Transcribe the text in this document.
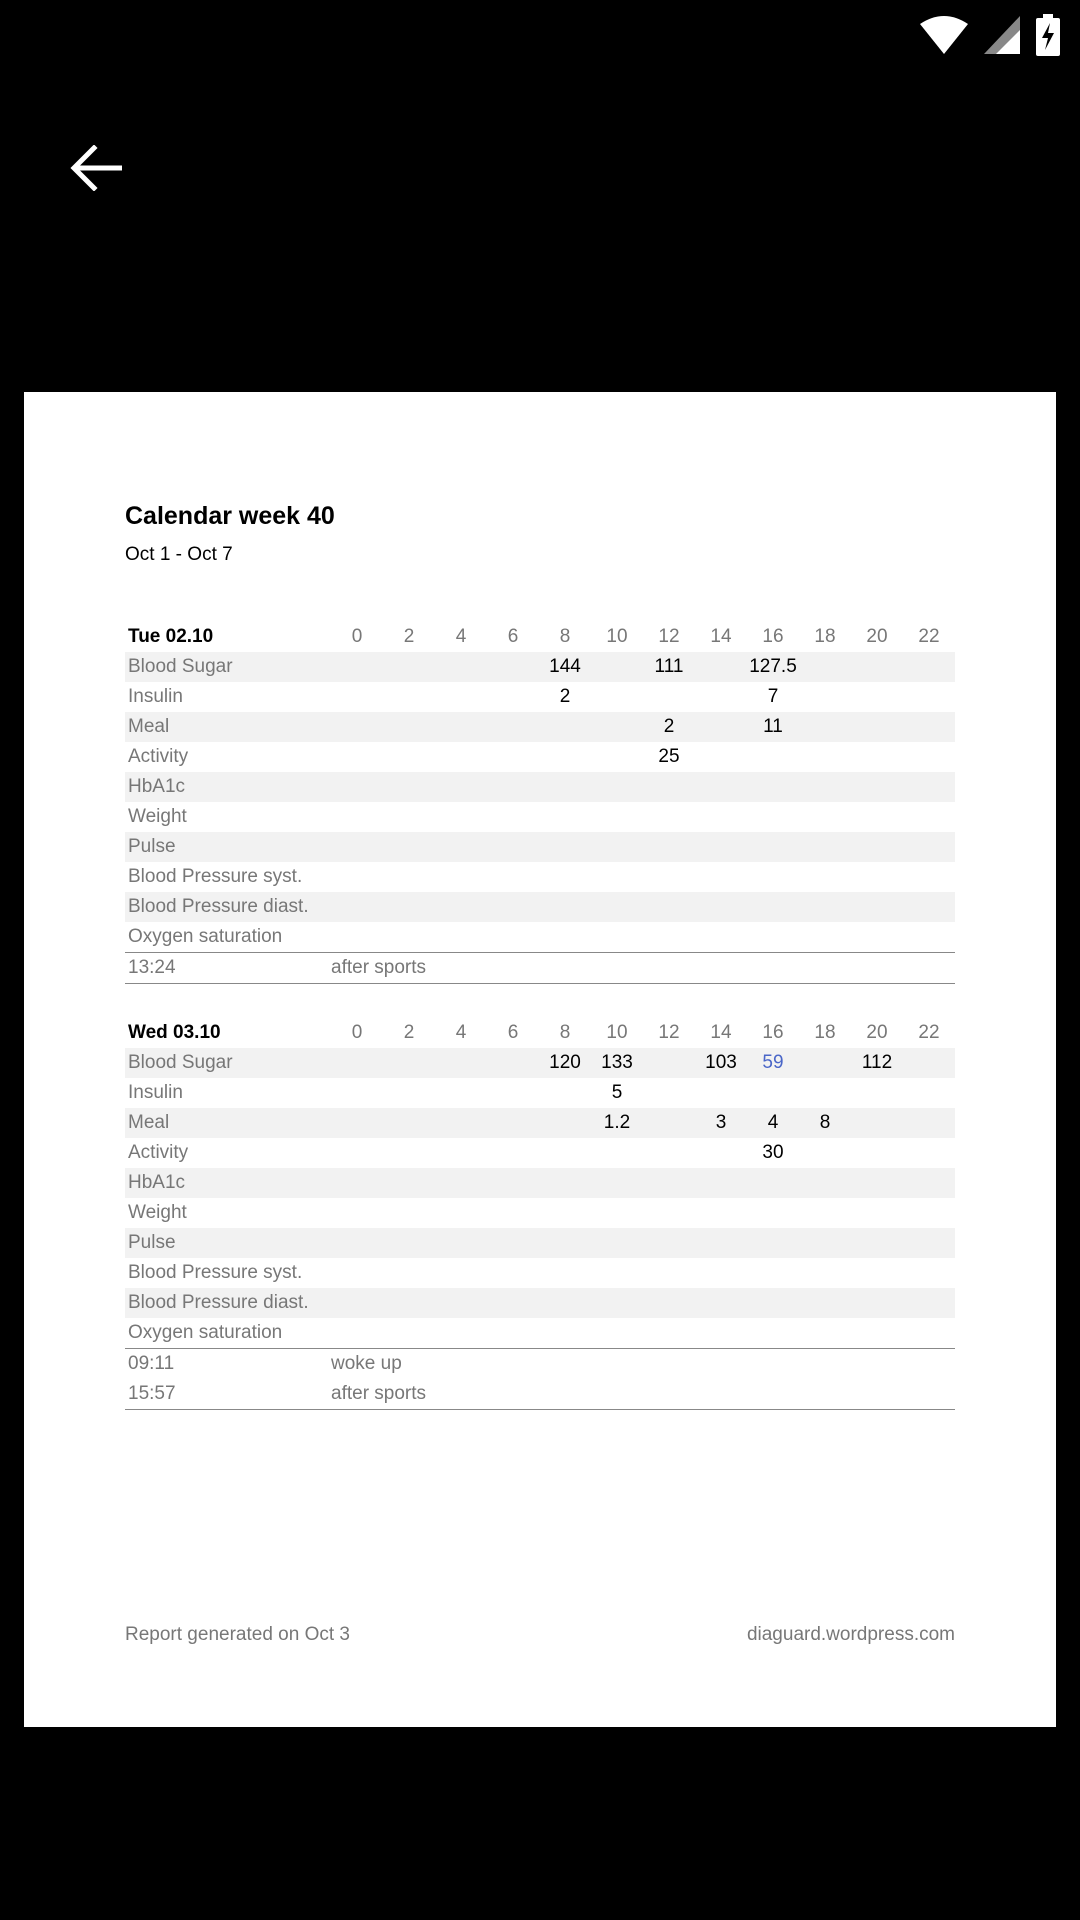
Calendar week 40
Oct 1 - Oct 7
Tue 02.10	0	2	4	6	8	10	12	14	16	18	20	22
Blood Sugar					144		111		127.5			
Insulin					2				7			
Meal							2		11			
Activity							25					
HbA1c												
Weight												
Pulse												
Blood Pressure syst.												
Blood Pressure diast.												
Oxygen saturation												
13:24	after sports
Wed 03.10	0	2	4	6	8	10	12	14	16	18	20	22
Blood Sugar					120	133		103	59		112	
Insulin						5						
Meal						1.2		3	4	8		
Activity									30			
HbA1c												
Weight												
Pulse												
Blood Pressure syst.												
Blood Pressure diast.												
Oxygen saturation												
09:11	woke up
15:57	after sports
Report generated on Oct 3	diaguard.wordpress.com
